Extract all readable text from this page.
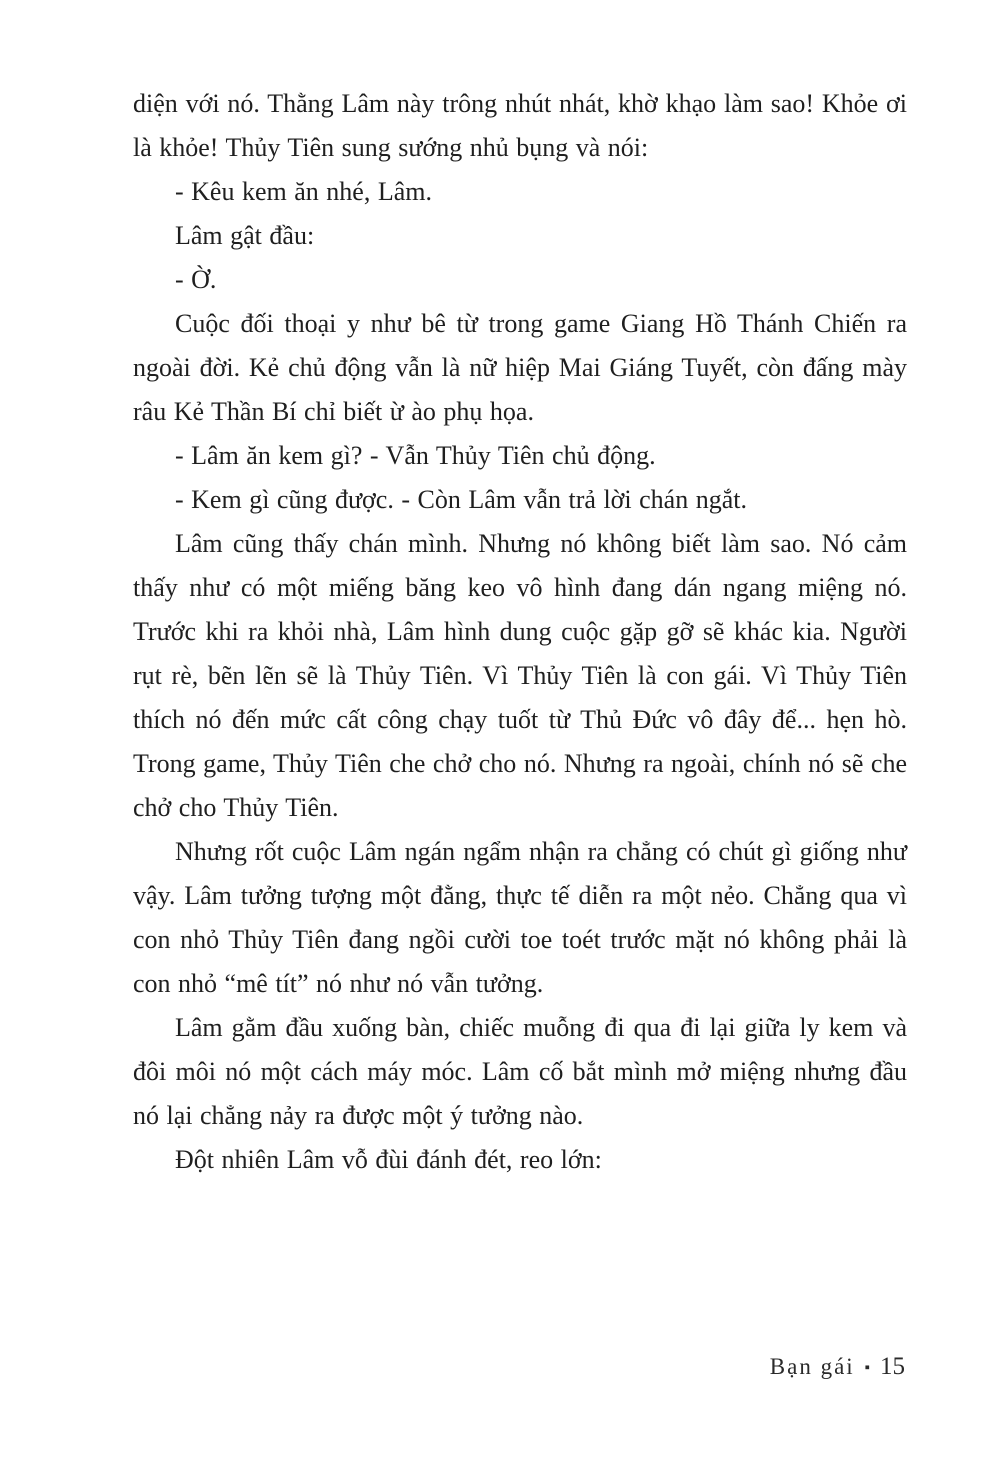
diện với nó. Thằng Lâm này trông nhút nhát, khờ khạo làm sao! Khỏe ơi là khỏe! Thủy Tiên sung sướng nhủ bụng và nói:

- Kêu kem ăn nhé, Lâm.

Lâm gật đầu:

- Ờ.

Cuộc đối thoại y như bê từ trong game Giang Hồ Thánh Chiến ra ngoài đời. Kẻ chủ động vẫn là nữ hiệp Mai Giáng Tuyết, còn đấng mày râu Kẻ Thần Bí chỉ biết ừ ào phụ họa.

- Lâm ăn kem gì? - Vẫn Thủy Tiên chủ động.

- Kem gì cũng được. - Còn Lâm vẫn trả lời chán ngắt.

Lâm cũng thấy chán mình. Nhưng nó không biết làm sao. Nó cảm thấy như có một miếng băng keo vô hình đang dán ngang miệng nó. Trước khi ra khỏi nhà, Lâm hình dung cuộc gặp gỡ sẽ khác kia. Người rụt rè, bẽn lẽn sẽ là Thủy Tiên. Vì Thủy Tiên là con gái. Vì Thủy Tiên thích nó đến mức cất công chạy tuốt từ Thủ Đức vô đây để... hẹn hò. Trong game, Thủy Tiên che chở cho nó. Nhưng ra ngoài, chính nó sẽ che chở cho Thủy Tiên.

Nhưng rốt cuộc Lâm ngán ngẩm nhận ra chẳng có chút gì giống như vậy. Lâm tưởng tượng một đằng, thực tế diễn ra một nẻo. Chẳng qua vì con nhỏ Thủy Tiên đang ngồi cười toe toét trước mặt nó không phải là con nhỏ “mê tít” nó như nó vẫn tưởng.

Lâm gằm đầu xuống bàn, chiếc muỗng đi qua đi lại giữa ly kem và đôi môi nó một cách máy móc. Lâm cố bắt mình mở miệng nhưng đầu nó lại chẳng nảy ra được một ý tưởng nào.

Đột nhiên Lâm vỗ đùi đánh đét, reo lớn:

Bạn gái ▪ 15
